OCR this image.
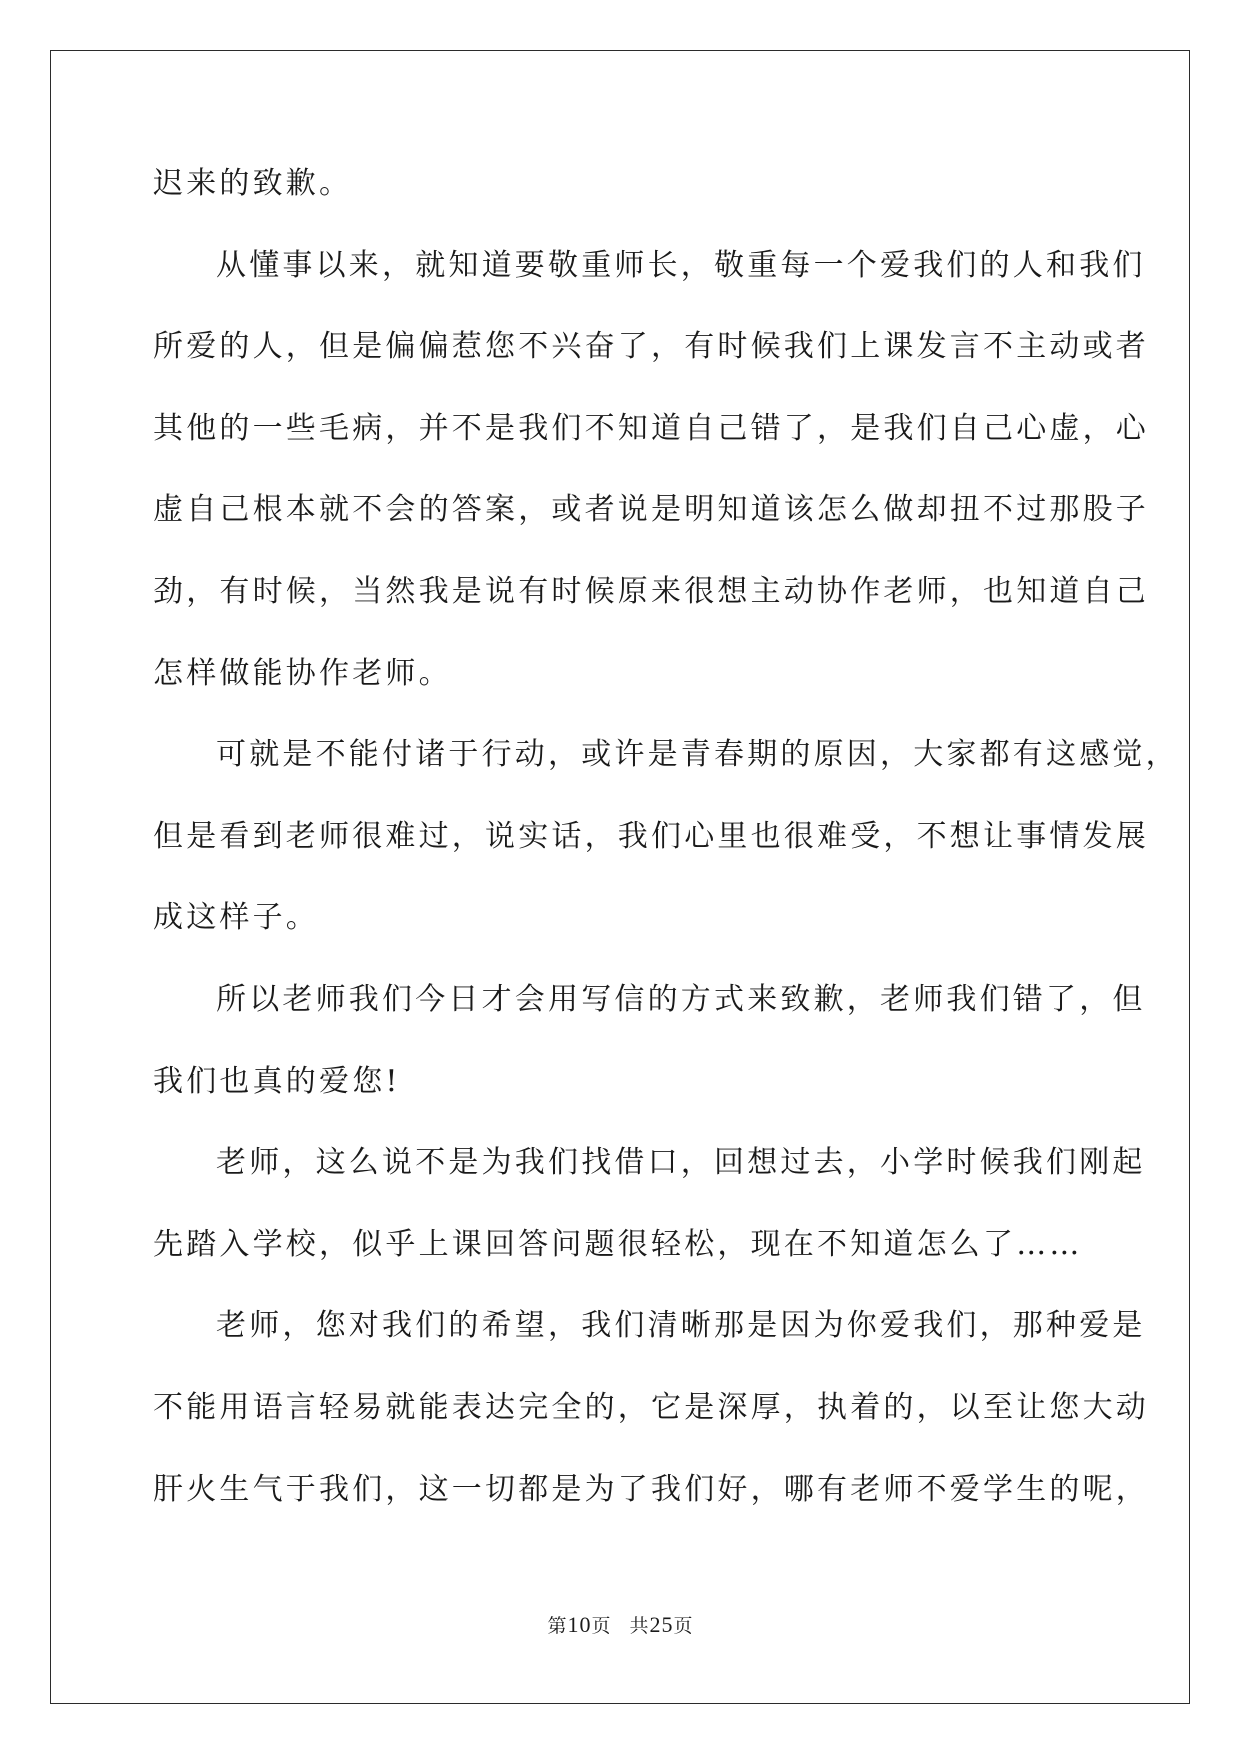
迟来的致歉。
从懂事以来，就知道要敬重师长，敬重每一个爱我们的人和我们
所爱的人，但是偏偏惹您不兴奋了，有时候我们上课发言不主动或者
其他的一些毛病，并不是我们不知道自己错了，是我们自己心虚，心
虚自己根本就不会的答案，或者说是明知道该怎么做却扭不过那股子
劲，有时候，当然我是说有时候原来很想主动协作老师，也知道自己
怎样做能协作老师。
可就是不能付诸于行动，或许是青春期的原因，大家都有这感觉，
但是看到老师很难过，说实话，我们心里也很难受，不想让事情发展
成这样子。
所以老师我们今日才会用写信的方式来致歉，老师我们错了，但
我们也真的爱您!
老师，这么说不是为我们找借口，回想过去，小学时候我们刚起
先踏入学校，似乎上课回答问题很轻松，现在不知道怎么了……
老师，您对我们的希望，我们清晰那是因为你爱我们，那种爱是
不能用语言轻易就能表达完全的，它是深厚，执着的，以至让您大动
肝火生气于我们，这一切都是为了我们好，哪有老师不爱学生的呢，
第10页 共25页
